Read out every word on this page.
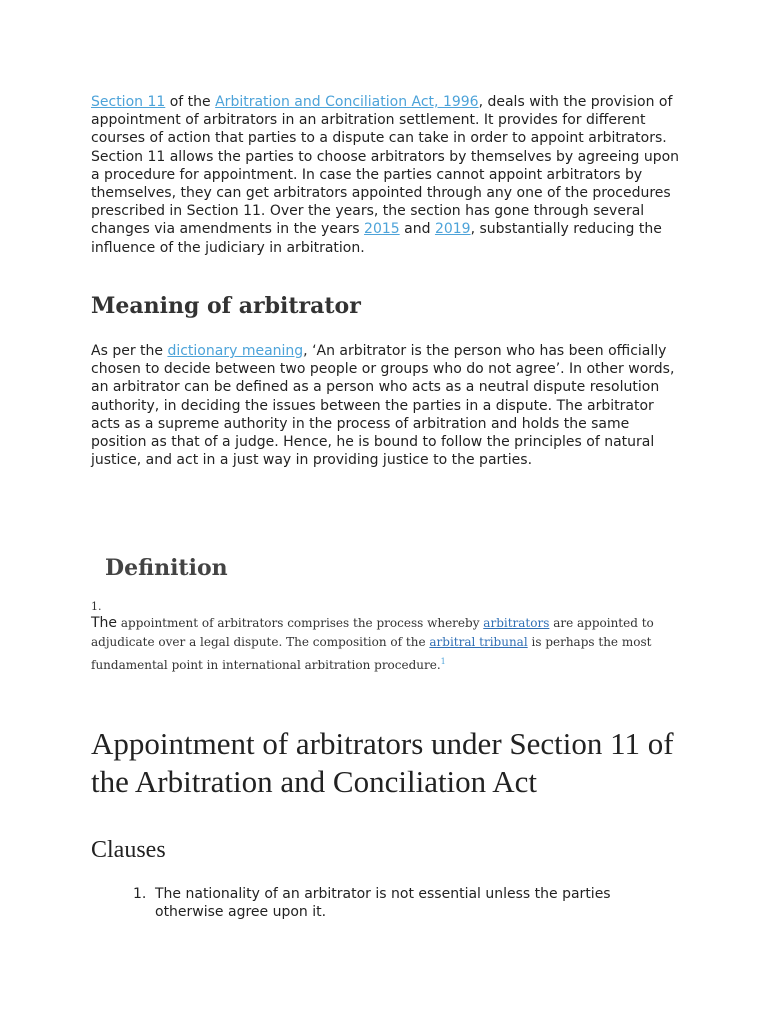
Section 11 of the Arbitration and Conciliation Act, 1996, deals with the provision of appointment of arbitrators in an arbitration settlement. It provides for different courses of action that parties to a dispute can take in order to appoint arbitrators. Section 11 allows the parties to choose arbitrators by themselves by agreeing upon a procedure for appointment. In case the parties cannot appoint arbitrators by themselves, they can get arbitrators appointed through any one of the procedures prescribed in Section 11. Over the years, the section has gone through several changes via amendments in the years 2015 and 2019, substantially reducing the influence of the judiciary in arbitration.

Meaning of arbitrator

As per the dictionary meaning, ‘An arbitrator is the person who has been officially chosen to decide between two people or groups who do not agree’. In other words, an arbitrator can be defined as a person who acts as a neutral dispute resolution authority, in deciding the issues between the parties in a dispute. The arbitrator acts as a supreme authority in the process of arbitration and holds the same position as that of a judge. Hence, he is bound to follow the principles of natural justice, and act in a just way in providing justice to the parties.

Definition
1.

The appointment of arbitrators comprises the process whereby arbitrators are appointed to adjudicate over a legal dispute. The composition of the arbitral tribunal is perhaps the most fundamental point in international arbitration procedure.$^1$

Appointment of arbitrators under Section 11 of the Arbitration and Conciliation Act
Clauses
1. The nationality of an arbitrator is not essential unless the parties otherwise agree upon it.
